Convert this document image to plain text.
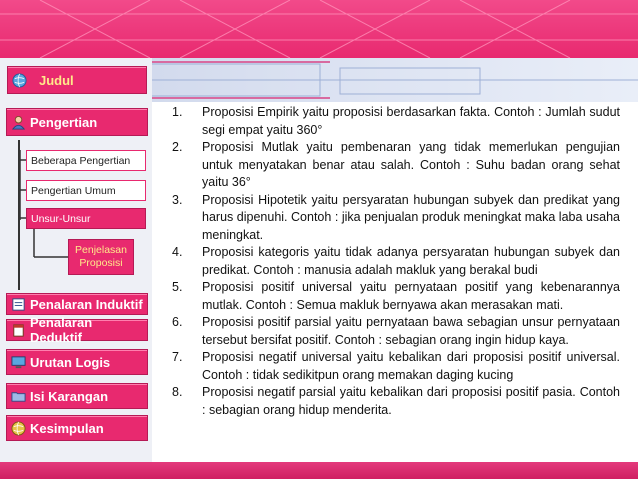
Judul
Pengertian
Beberapa Pengertian
Pengertian Umum
Unsur-Unsur
Penjelasan Proposisi
Penalaran Induktif
Penalaran Deduktif
Urutan Logis
Isi Karangan
Kesimpulan
1.	Proposisi Empirik yaitu proposisi berdasarkan fakta. Contoh : Jumlah sudut segi empat yaitu 360°
2.	Proposisi Mutlak yaitu pembenaran yang tidak memerlukan pengujian untuk menyatakan benar atau salah. Contoh : Suhu badan orang sehat yaitu 36°
3.	Proposisi Hipotetik yaitu persyaratan hubungan subyek dan predikat yang harus dipenuhi. Contoh : jika penjualan produk meningkat maka laba usaha meningkat.
4.	Proposisi kategoris yaitu tidak adanya persyaratan hubungan subyek dan predikat. Contoh : manusia adalah makluk yang berakal budi
5.	Proposisi positif universal yaitu pernyataan positif yang kebenarannya mutlak. Contoh : Semua makluk bernyawa akan merasakan mati.
6.	Proposisi positif parsial yaitu pernyataan bawa sebagian unsur pernyataan tersebut bersifat positif. Contoh : sebagian orang ingin hidup kaya.
7.	Proposisi negatif universal yaitu kebalikan dari proposisi positif universal. Contoh : tidak sedikitpun orang memakan daging kucing
8.	Proposisi negatif parsial yaitu kebalikan dari proposisi positif pasia. Contoh : sebagian orang hidup menderita.
